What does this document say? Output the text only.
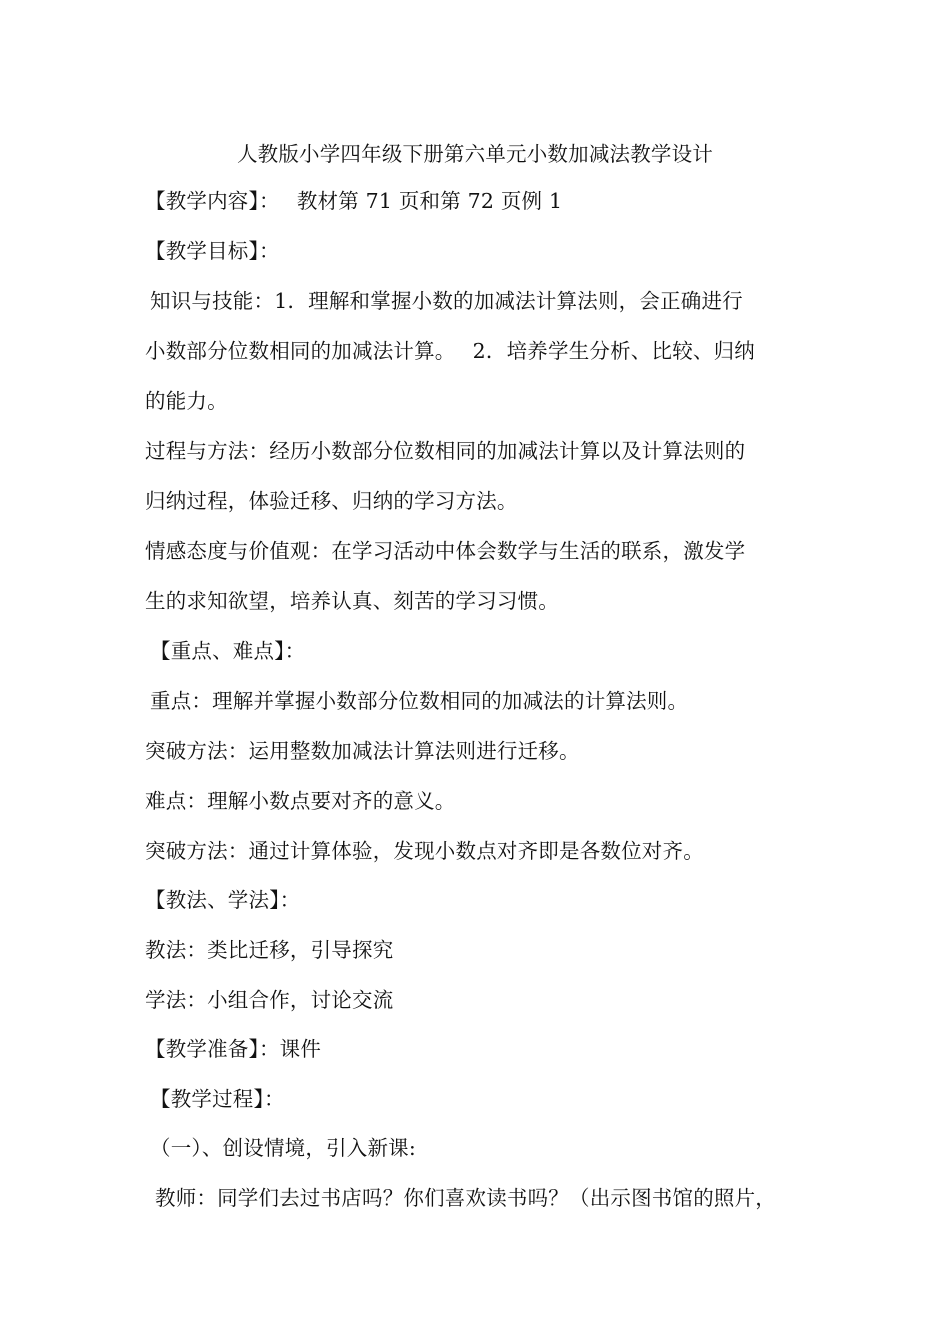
人教版小学四年级下册第六单元小数加减法教学设计
【教学内容】：　 教材第 71 页和第 72 页例 1
【教学目标】：
知识与技能：1．理解和掌握小数的加减法计算法则，会正确进行
小数部分位数相同的加减法计算。　 2．培养学生分析、比较、归纳
的能力。
过程与方法：经历小数部分位数相同的加减法计算以及计算法则的
归纳过程，体验迁移、归纳的学习方法。
情感态度与价值观：在学习活动中体会数学与生活的联系，激发学
生的求知欲望，培养认真、刻苦的学习习惯。
【重点、难点】：
重点：理解并掌握小数部分位数相同的加减法的计算法则。
突破方法：运用整数加减法计算法则进行迁移。
难点：理解小数点要对齐的意义。
突破方法：通过计算体验，发现小数点对齐即是各数位对齐。
【教法、学法】：
教法：类比迁移，引导探究
学法：小组合作，讨论交流
【教学准备】：课件
【教学过程】：
（一）、创设情境，引入新课:
教师：同学们去过书店吗？你们喜欢读书吗？（出示图书馆的照片，
